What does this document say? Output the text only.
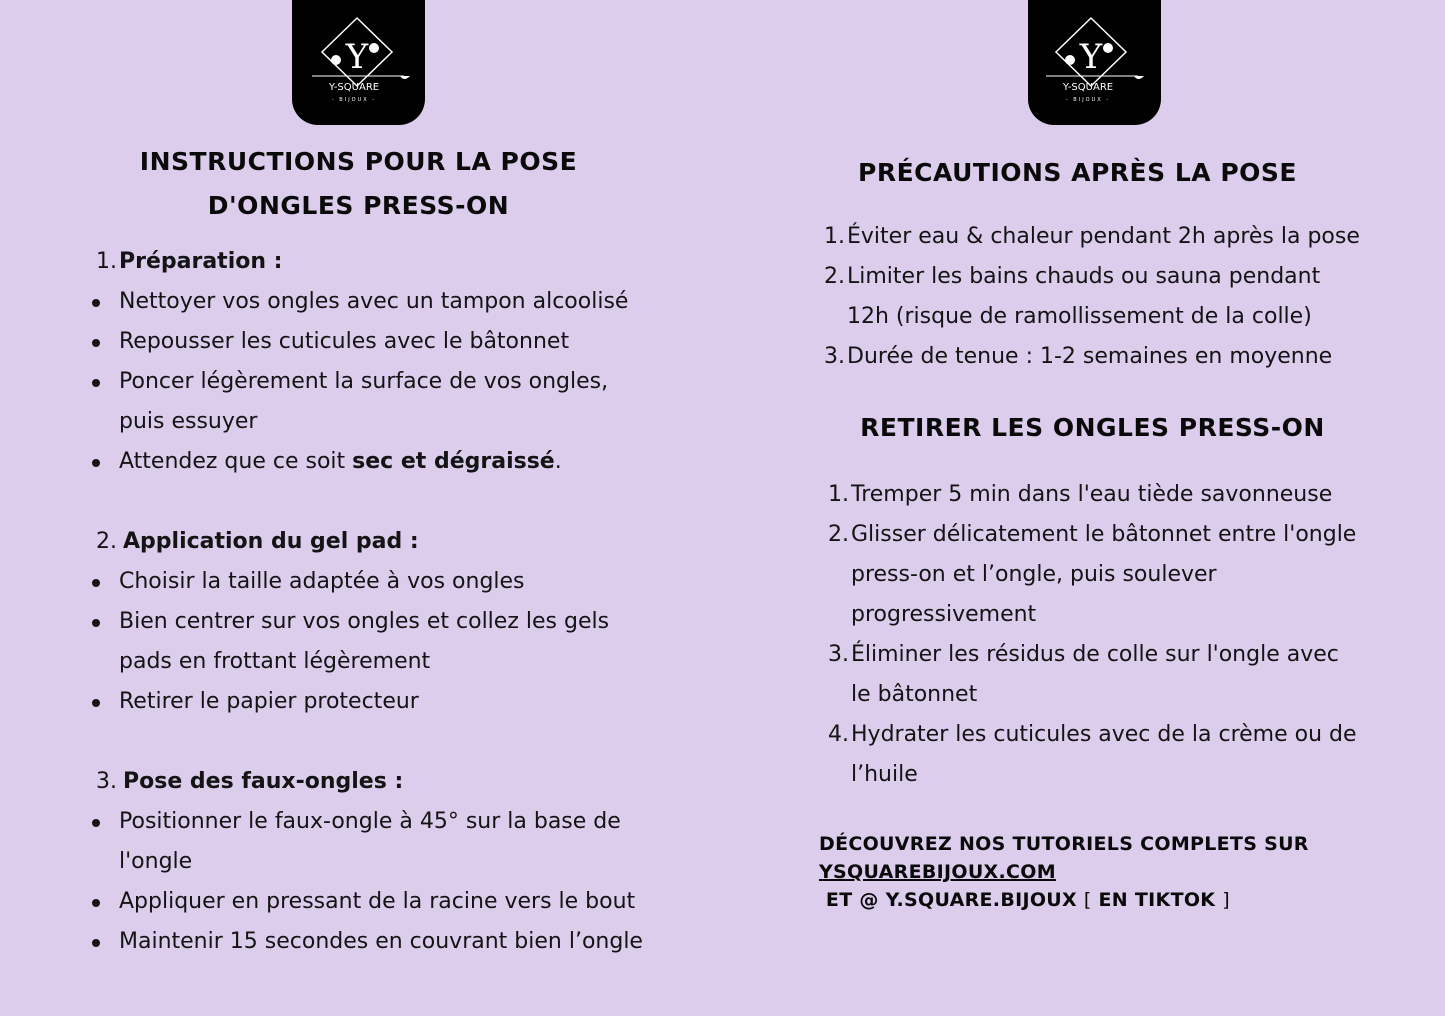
Y
Y-SQUARE
- BIJOUX -
Y
Y-SQUARE
- BIJOUX -
INSTRUCTIONS POUR LA POSE
D'ONGLES PRESS-ON
1. Préparation :
Nettoyer vos ongles avec un tampon alcoolisé
Repousser les cuticules avec le bâtonnet
Poncer légèrement la surface de vos ongles,
puis essuyer
Attendez que ce soit sec et dégraissé.
2. Application du gel pad :
Choisir la taille adaptée à vos ongles
Bien centrer sur vos ongles et collez les gels
pads en frottant légèrement
Retirer le papier protecteur
3. Pose des faux-ongles :
Positionner le faux-ongle à 45° sur la base de
l'ongle
Appliquer en pressant de la racine vers le bout
Maintenir 15 secondes en couvrant bien l’ongle
PRÉCAUTIONS APRÈS LA POSE
1. Éviter eau & chaleur pendant 2h après la pose
2. Limiter les bains chauds ou sauna pendant
12h (risque de ramollissement de la colle)
3. Durée de tenue : 1-2 semaines en moyenne
RETIRER LES ONGLES PRESS-ON
1. Tremper 5 min dans l'eau tiède savonneuse
2. Glisser délicatement le bâtonnet entre l'ongle
press-on et l’ongle, puis soulever
progressivement
3. Éliminer les résidus de colle sur l'ongle avec
le bâtonnet
4. Hydrater les cuticules avec de la crème ou de
l’huile
DÉCOUVREZ NOS TUTORIELS COMPLETS SUR
YSQUAREBIJOUX.COM
ET @ Y.SQUARE.BIJOUX [ EN TIKTOK ]
